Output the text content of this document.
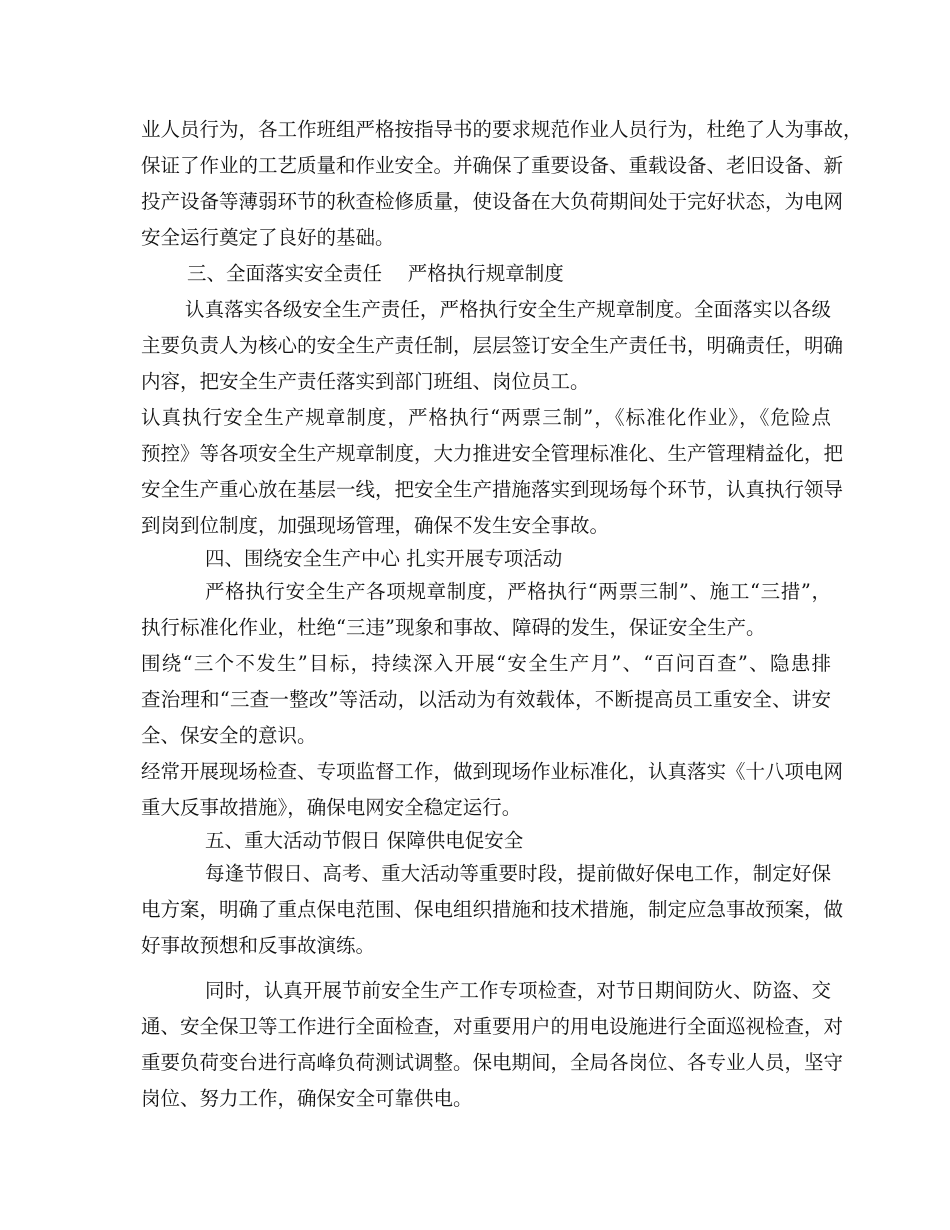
业人员行为，各工作班组严格按指导书的要求规范作业人员行为，杜绝了人为事故，
保证了作业的工艺质量和作业安全。并确保了重要设备、重载设备、老旧设备、新
投产设备等薄弱环节的秋查检修质量，使设备在大负荷期间处于完好状态，为电网
安全运行奠定了良好的基础。
三、全面落实安全责任　 严格执行规章制度
认真落实各级安全生产责任，严格执行安全生产规章制度。全面落实以各级
主要负责人为核心的安全生产责任制，层层签订安全生产责任书，明确责任，明确
内容，把安全生产责任落实到部门班组、岗位员工。
认真执行安全生产规章制度，严格执行“两票三制”，《标准化作业》，《危险点
预控》等各项安全生产规章制度，大力推进安全管理标准化、生产管理精益化，把
安全生产重心放在基层一线，把安全生产措施落实到现场每个环节，认真执行领导
到岗到位制度，加强现场管理，确保不发生安全事故。
四、围绕安全生产中心 扎实开展专项活动
严格执行安全生产各项规章制度，严格执行“两票三制”、施工“三措”，
执行标准化作业，杜绝“三违”现象和事故、障碍的发生，保证安全生产。
围绕“三个不发生”目标，持续深入开展“安全生产月”、“百问百查”、隐患排
查治理和“三查一整改”等活动，以活动为有效载体，不断提高员工重安全、讲安
全、保安全的意识。
经常开展现场检查、专项监督工作，做到现场作业标准化，认真落实《十八项电网
重大反事故措施》，确保电网安全稳定运行。
五、重大活动节假日 保障供电促安全
每逢节假日、高考、重大活动等重要时段，提前做好保电工作，制定好保
电方案，明确了重点保电范围、保电组织措施和技术措施，制定应急事故预案，做
好事故预想和反事故演练。
同时，认真开展节前安全生产工作专项检查，对节日期间防火、防盗、交
通、安全保卫等工作进行全面检查，对重要用户的用电设施进行全面巡视检查，对
重要负荷变台进行高峰负荷测试调整。保电期间，全局各岗位、各专业人员，坚守
岗位、努力工作，确保安全可靠供电。
